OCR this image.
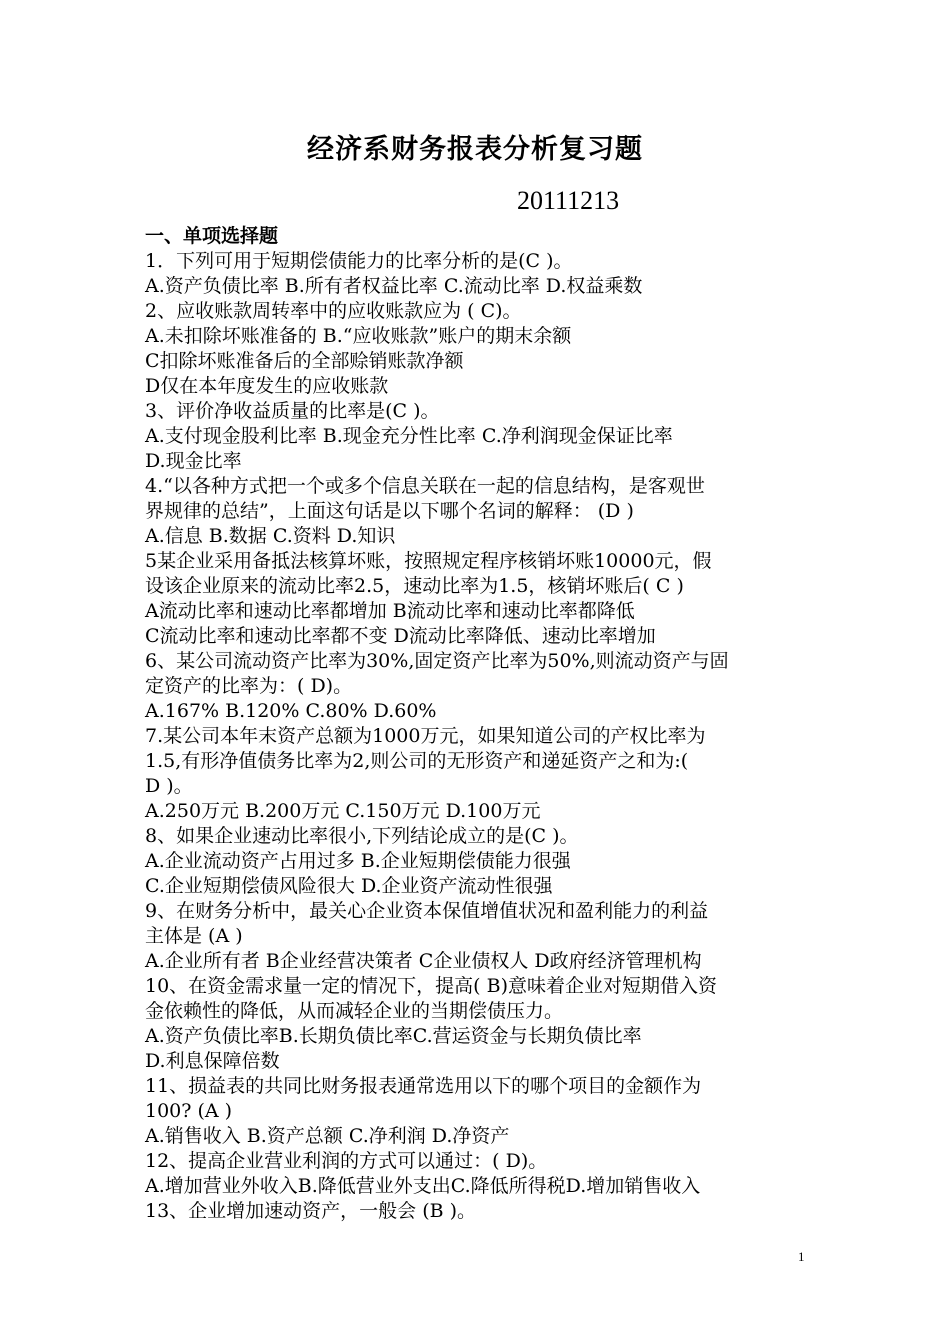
经济系财务报表分析复习题
20111213
一、单项选择题
1．下列可用于短期偿债能力的比率分析的是(C )。
A.资产负债比率 B.所有者权益比率 C.流动比率 D.权益乘数
2、应收账款周转率中的应收账款应为 ( C)。
A.未扣除坏账准备的 B.“应收账款”账户的期末余额
C扣除坏账准备后的全部赊销账款净额
D仅在本年度发生的应收账款
3、评价净收益质量的比率是(C )。
A.支付现金股利比率 B.现金充分性比率 C.净利润现金保证比率
D.现金比率
4.“以各种方式把一个或多个信息关联在一起的信息结构，是客观世
界规律的总结”，上面这句话是以下哪个名词的解释： (D )
A.信息 B.数据 C.资料 D.知识
5某企业采用备抵法核算坏账，按照规定程序核销坏账10000元，假
设该企业原来的流动比率2.5，速动比率为1.5，核销坏账后( C )
A流动比率和速动比率都增加 B流动比率和速动比率都降低
C流动比率和速动比率都不变 D流动比率降低、速动比率增加
6、某公司流动资产比率为30%,固定资产比率为50%,则流动资产与固
定资产的比率为：( D)。
A.167% B.120% C.80% D.60%
7.某公司本年末资产总额为1000万元，如果知道公司的产权比率为
1.5,有形净值债务比率为2,则公司的无形资产和递延资产之和为:(
D )。
A.250万元 B.200万元 C.150万元 D.100万元
8、如果企业速动比率很小,下列结论成立的是(C )。
A.企业流动资产占用过多 B.企业短期偿债能力很强
C.企业短期偿债风险很大 D.企业资产流动性很强
9、在财务分析中，最关心企业资本保值增值状况和盈利能力的利益
主体是 (A )
A.企业所有者 B企业经营决策者 C企业债权人 D政府经济管理机构
10、在资金需求量一定的情况下，提高( B)意味着企业对短期借入资
金依赖性的降低，从而减轻企业的当期偿债压力。
A.资产负债比率B.长期负债比率C.营运资金与长期负债比率
D.利息保障倍数
11、损益表的共同比财务报表通常选用以下的哪个项目的金额作为
100? (A )
A.销售收入 B.资产总额 C.净利润 D.净资产
12、提高企业营业利润的方式可以通过：( D)。
A.增加营业外收入B.降低营业外支出C.降低所得税D.增加销售收入
13、企业增加速动资产，一般会 (B )。
1
